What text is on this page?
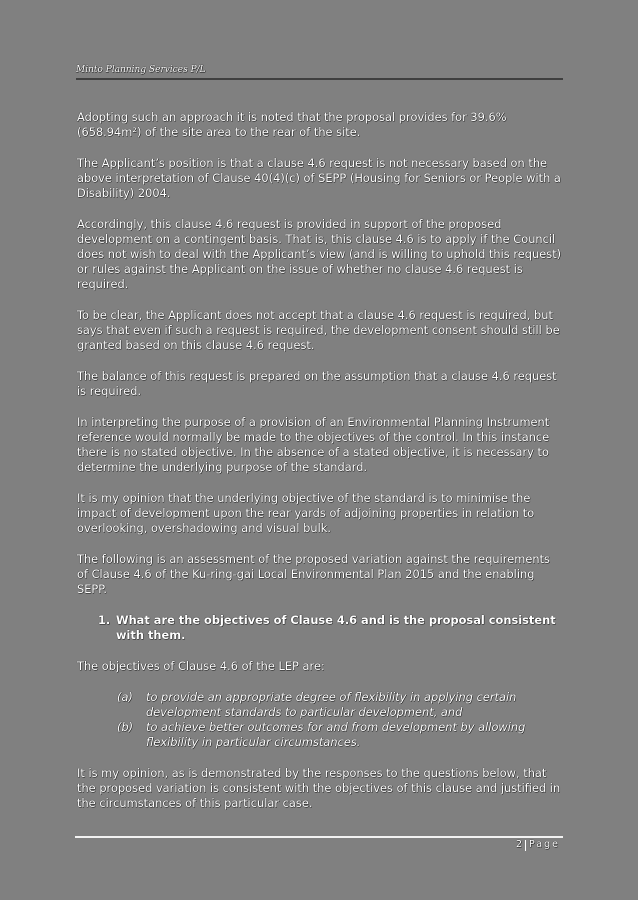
Minto Planning Services P/L

Adopting such an approach it is noted that the proposal provides for 39.6% (658.94m²) of the site area to the rear of the site.

The Applicant’s position is that a clause 4.6 request is not necessary based on the above interpretation of Clause 40(4)(c) of SEPP (Housing for Seniors or People with a Disability) 2004.

Accordingly, this clause 4.6 request is provided in support of the proposed development on a contingent basis. That is, this clause 4.6 is to apply if the Council does not wish to deal with the Applicant’s view (and is willing to uphold this request) or rules against the Applicant on the issue of whether no clause 4.6 request is required.

To be clear, the Applicant does not accept that a clause 4.6 request is required, but says that even if such a request is required, the development consent should still be granted based on this clause 4.6 request.

The balance of this request is prepared on the assumption that a clause 4.6 request is required.

In interpreting the purpose of a provision of an Environmental Planning Instrument reference would normally be made to the objectives of the control. In this instance there is no stated objective. In the absence of a stated objective, it is necessary to determine the underlying purpose of the standard.

It is my opinion that the underlying objective of the standard is to minimise the impact of development upon the rear yards of adjoining properties in relation to overlooking, overshadowing and visual bulk.

The following is an assessment of the proposed variation against the requirements of Clause 4.6 of the Ku-ring-gai Local Environmental Plan 2015 and the enabling SEPP.

1. What are the objectives of Clause 4.6 and is the proposal consistent with them.

The objectives of Clause 4.6 of the LEP are:

(a)	to provide an appropriate degree of flexibility in applying certain development standards to particular development, and
(b)	to achieve better outcomes for and from development by allowing flexibility in particular circumstances.

It is my opinion, as is demonstrated by the responses to the questions below, that the proposed variation is consistent with the objectives of this clause and justified in the circumstances of this particular case.

2 Page
